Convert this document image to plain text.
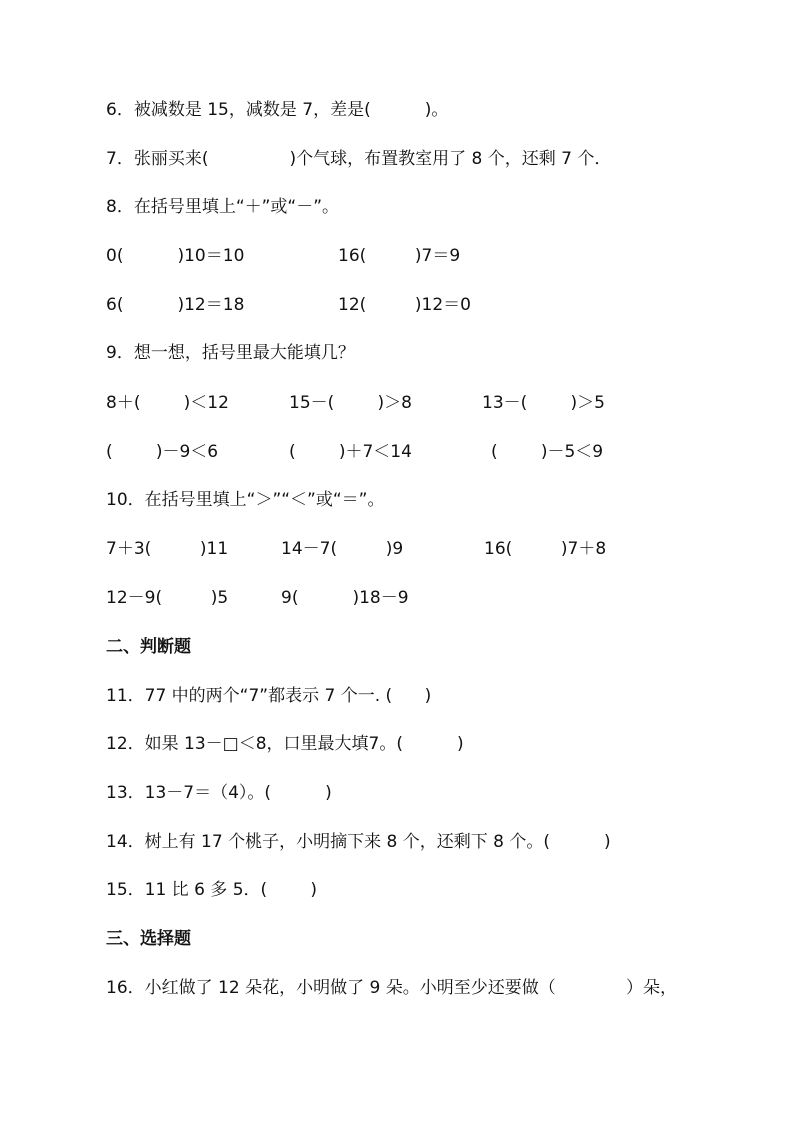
6．被减数是 15，减数是 7，差是(          )。
7．张丽买来(               )个气球，布置教室用了 8 个，还剩 7 个．
8．在括号里填上“＋”或“－”。
0(          )10＝10	16(         )7＝9
6(          )12＝18	12(         )12＝0
9．想一想，括号里最大能填几？
8＋(        )＜12	15－(        )＞8	13－(        )＞5
(        )－9＜6	(        )＋7＜14	(        )－5＜9
10．在括号里填上“＞”“＜”或“＝”。
7＋3(         )11	14－7(         )9	16(         )7＋8
12－9(         )5	9(          )18－9
二、判断题
11．77 中的两个“7”都表示 7 个一. (      )
12．如果 13－□＜8，口里最大填7。(          )
13．13－7＝（4）。(          )
14．树上有 17 个桃子，小明摘下来 8 个，还剩下 8 个。(          )
15．11 比 6 多 5．(        )
三、选择题
16．小红做了 12 朵花，小明做了 9 朵。小明至少还要做（             ）朵，
